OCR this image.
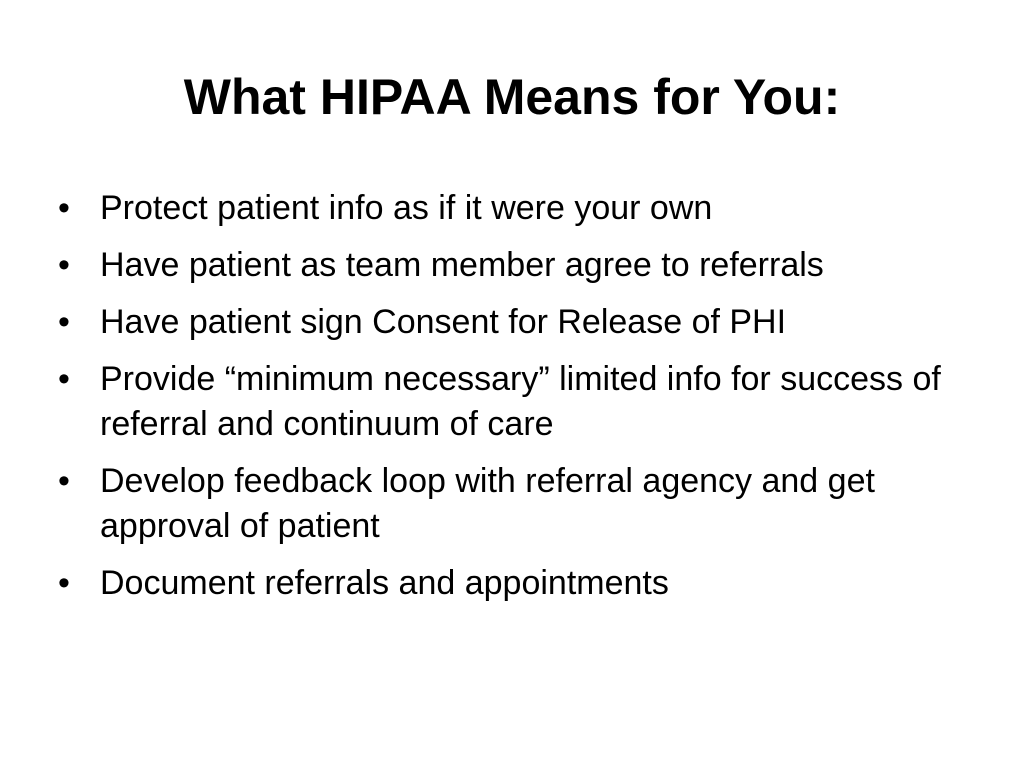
What HIPAA Means for You:
• Protect patient info as if it were your own
• Have patient as team member agree to referrals
• Have patient sign Consent for Release of PHI
• Provide “minimum necessary” limited info for success of referral and continuum of care
• Develop feedback loop with referral agency and get approval of patient
• Document referrals and appointments
